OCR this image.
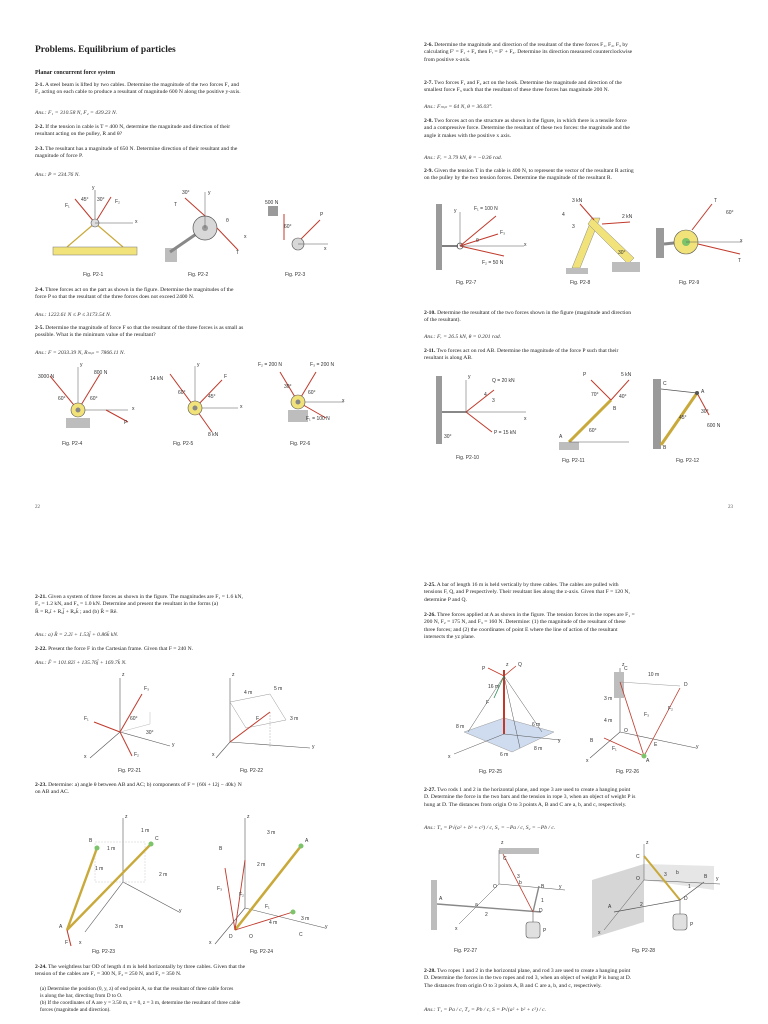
Problems. Equilibrium of particles
Planar concurrent force system
2-1. A steel beam is lifted by two cables. Determine the magnitude of the two forces F₁ and
F₂ acting on each cable to produce a resultant of magnitude 600 N along the positive y-axis.
Ans.: F₁ = 310.58 N, F₂ = 439.23 N.
2-2. If the tension in cable is T = 400 N, determine the magnitude and direction of their
resultant acting on the pulley, R and θ?
2-3. The resultant has a magnitude of 650 N. Determine direction of their resultant and the
magnitude of force P.
Ans.: P = 234.76 N.
y
45° 30°
F₁
F₂
x
Fig. P2-1
30°	y
T
θ
x
T
Fig. P2-2
500 N
60°
P
x
Fig. P2-3
2-4. Three forces act on the part as shown in the figure. Determine the magnitudes of the
force P so that the resultant of the three forces does not exceed 2400 N.
Ans.: 1222.61 N ≤ P ≤ 3173.54 N.
2-5. Determine the magnitude of force F so that the resultant of the three forces is as small as
possible. What is the minimum value of the resultant?
Ans.: F = 2033.39 N, Rₘᵢₙ = 7866.11 N.
3000 N
800 N
y
60°	60°
P
x
Fig. P2-4
14 kN
y
60°
45°
F
x
8 kN
Fig. P2-5
F₂ = 200 N	F₃ = 200 N
30°
60°
F₁ = 100 N
x
Fig. P2-6
22
2-6. Determine the magnitude and direction of the resultant of the three forces F₁, F₂, F₃ by
calculating F′ = F₁ + F₂ then Fᵣ = F′ + F₃. Determine its direction measured counterclockwise
from positive x-axis.
2-7. Two forces F₁ and F₂ act on the hook. Determine the magnitude and direction of the
smallest force F₃ such that the resultant of these three forces has magnitude 200 N.
Ans.: Fₘᵢₙ = 64 N, θ = 36.03°.
2-8. Two forces act on the structure as shown in the figure, in which there is a tensile force
and a compressive force. Determine the resultant of these two forces: the magnitude and the
angle it makes with the positive x axis.
Ans.: Fᵣ = 3.79 kN, θ = −0.36 rad.
2-9. Given the tension T in the cable is 400 N, to represent the vector of the resultant R acting
on the pulley by the two tension forces. Determine the magnitude of the resultant R.
y	F₁ = 100 N
F₃
θ
x
F₂ = 50 N
Fig. P2-7
3 kN
4
3
2 kN
30°
Fig. P2-8
T
60°
x
T
Fig. P2-9
2-10. Determine the resultant of the two forces shown in the figure (magnitude and direction
of the resultant).
Ans.: Fᵣ = 26.5 kN, θ = 0.201 rad.
2-11. Two forces act on rod AB. Determine the magnitude of the force P such that their
resultant is along AB.
y
Q = 20 kN
4
3
x
P = 15 kN
30°
Fig. P2-10
P	5 kN
70°	40°
B
60°
A
Fig. P2-11
C
A
30°
45°
600 N
B
Fig. P2-12
23
2-21. Given a system of three forces as shown in the figure. The magnitudes are F₁ = 1.6 kN,
F₂ = 1.2 kN, and F₃ = 1.0 kN. Determine and present the resultant in the forms (a)
R̄ = Rₓī + Rᵧj̄ + Rᵩk̄ ; and (b) R̄ = Rē.
Ans.: a) R̄ = 2.2ī + 1.53j̄ + 0.86k̄ kN.
2-22. Present the force F in the Cartesian frame. Given that F = 240 N.
Ans.: F̄ = 101.82ī + 135.76j̄ + 169.7k̄ N.
z
F₃
60°
30°
F₁
F₂
x
y
Fig. P2-21
z
5 m
4 m
F	3 m
x
y
Fig. P2-22
2-23. Determine: a) angle θ between AB and AC; b) components of F = {60i + 12j − 40k} N
on AB and AC.
z
1 m
C
B
1 m
1 m
2 m
A
F
3 m
x
y
Fig. P2-23
z
3 m
A
B
2 m
F₃
F₂
F₁
4 m
3 m
D	O	C
x
y
Fig. P2-24
2-24. The weightless bar OD of length 4 m is held horizontally by three cables. Given that the
tension of the cables are F₁ = 300 N, F₂ = 250 N, and F₃ = 350 N.
(a) Determine the position (0, y, z) of end point A, so that the resultant of three cable forces
is along the bar, directing from D to O.
(b) If the coordinates of A are y = 3.50 m, z = 0, z = 3 m, determine the resultant of three cable
forces (magnitude and direction).
2-25. A bar of length 16 m is held vertically by three cables. The cables are pulled with
tensions F, Q, and P respectively. Their resultant lies along the z-axis. Given that F = 120 N,
determine P and Q.
2-26. Three forces applied at A as shown in the figure. The tension forces in the ropes are F₁ =
200 N, F₂ = 175 N, and F₃ = 160 N. Determine: (1) the magnitude of the resultant of these
three forces; and (2) the coordinates of point E where the line of action of the resultant
intersects the yz plane.
z
P
Q
16 m
F
8 m	6 m
6 m
8 m
x
y
Fig. P2-25
z
C
10 m
D
3 m
F₂
F₃
4 m
O
F₁
B
A
E
x
y
Fig. P2-26
2-27. Two rods 1 and 2 in the horizontal plane, and rope 3 are used to create a hanging point
D. Determine the force in the two bars and the tension in rope 3, when an object of weight P is
hung at D. The distances from origin O to 3 points A, B and C are a, b, and c, respectively.
Ans.: T₃ = P√(a² + b² + c²) / c, S₁ = −Pa / c, S₂ = −Pb / c.
z
C
3
A
O
b
B	y
a
2
1
D
P
x
Fig. P2-27
z
C
O
3
1
b
B y
2
D
A
x
P
Fig. P2-28
2-28. Two ropes 1 and 2 in the horizontal plane, and rod 3 are used to create a hanging point
D. Determine the forces in the two ropes and rod 3, when an object of weight P is hung at D.
The distances from origin O to 3 points A, B and C are a, b, and c, respectively.
Ans.: T₁ = Pa / c, T₂ = Pb / c, S = P√(a² + b² + c²) / c.
